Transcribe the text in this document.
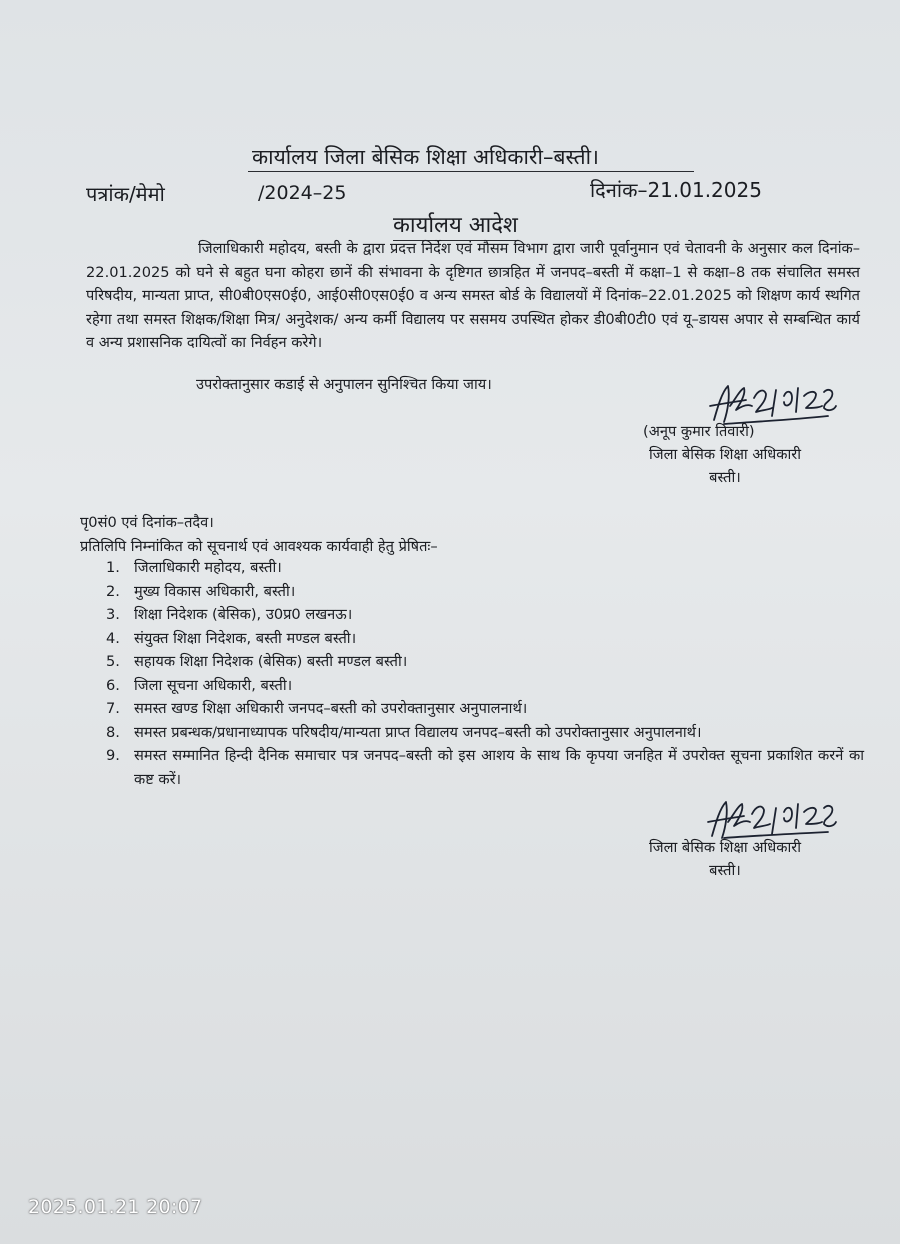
कार्यालय जिला बेसिक शिक्षा अधिकारी–बस्ती।
पत्रांक/मेमो	/2024–25	दिनांक–21.01.2025
कार्यालय आदेश
जिलाधिकारी महोदय, बस्ती के द्वारा प्रदत्त निर्देश एवं मौसम विभाग द्वारा जारी पूर्वानुमान एवं चेतावनी के अनुसार कल दिनांक–22.01.2025 को घने से बहुत घना कोहरा छानें की संभावना के दृष्टिगत छात्रहित में जनपद–बस्ती में कक्षा–1 से कक्षा–8 तक संचालित समस्त परिषदीय, मान्यता प्राप्त, सी0बी0एस0ई0, आई0सी0एस0ई0 व अन्य समस्त बोर्ड के विद्यालयों में दिनांक–22.01.2025 को शिक्षण कार्य स्थगित रहेगा तथा समस्त शिक्षक/शिक्षा मित्र/ अनुदेशक/ अन्य कर्मी विद्यालय पर ससमय उपस्थित होकर डी0बी0टी0 एवं यू–डायस अपार से सम्बन्धित कार्य व अन्य प्रशासनिक दायित्वों का निर्वहन करेगे।
उपरोक्तानुसार कडाई से अनुपालन सुनिश्चित किया जाय।
(अनूप कुमार तिवारी)
जिला बेसिक शिक्षा अधिकारी
बस्ती।
पृ0सं0 एवं दिनांक–तदैव।
प्रतिलिपि निम्नांकित को सूचनार्थ एवं आवश्यक कार्यवाही हेतु प्रेषितः–
1. जिलाधिकारी महोदय, बस्ती।
2. मुख्य विकास अधिकारी, बस्ती।
3. शिक्षा निदेशक (बेसिक), उ0प्र0 लखनऊ।
4. संयुक्त शिक्षा निदेशक, बस्ती मण्डल बस्ती।
5. सहायक शिक्षा निदेशक (बेसिक) बस्ती मण्डल बस्ती।
6. जिला सूचना अधिकारी, बस्ती।
7. समस्त खण्ड शिक्षा अधिकारी जनपद–बस्ती को उपरोक्तानुसार अनुपालनार्थ।
8. समस्त प्रबन्धक/प्रधानाध्यापक परिषदीय/मान्यता प्राप्त विद्यालय जनपद–बस्ती को उपरोक्तानुसार अनुपालनार्थ।
9. समस्त सम्मानित हिन्दी दैनिक समाचार पत्र जनपद–बस्ती को इस आशय के साथ कि कृपया जनहित में उपरोक्त सूचना प्रकाशित करनें का कष्ट करें।
जिला बेसिक शिक्षा अधिकारी
बस्ती।
2025.01.21 20:07
